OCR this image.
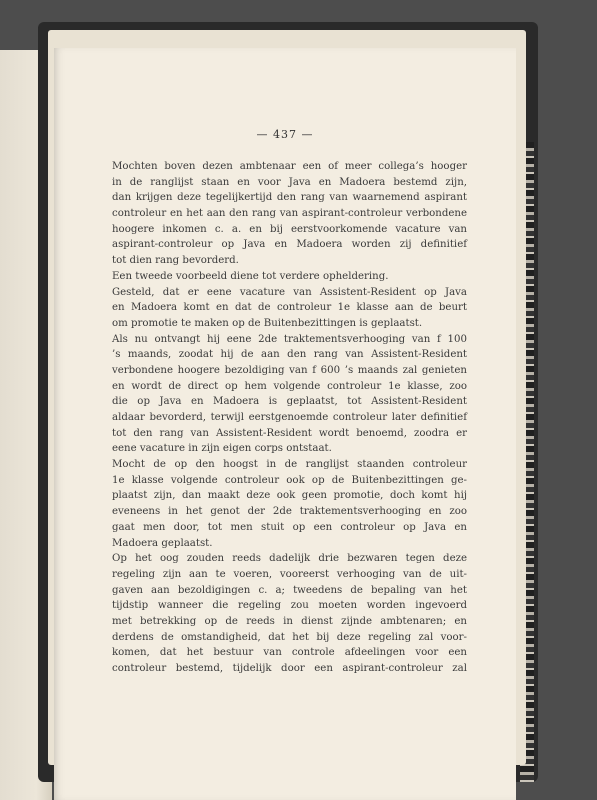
— 437 —
Mochten boven dezen ambtenaar een of meer collega’s hooger
in de ranglijst staan en voor Java en Madoera bestemd zijn,
dan krijgen deze tegelijkertijd den rang van waarnemend aspirant
controleur en het aan den rang van aspirant-controleur verbondene
hoogere inkomen c. a. en bij eerstvoorkomende vacature van
aspirant-controleur op Java en Madoera worden zij definitief
tot dien rang bevorderd.
Een tweede voorbeeld diene tot verdere opheldering.
Gesteld, dat er eene vacature van Assistent-Resident op Java
en Madoera komt en dat de controleur 1e klasse aan de beurt
om promotie te maken op de Buitenbezittingen is geplaatst.
Als nu ontvangt hij eene 2de traktementsverhooging van f 100
’s maands, zoodat hij de aan den rang van Assistent-Resident
verbondene hoogere bezoldiging van f 600 ’s maands zal genieten
en wordt de direct op hem volgende controleur 1e klasse, zoo
die op Java en Madoera is geplaatst, tot Assistent-Resident
aldaar bevorderd, terwijl eerstgenoemde controleur later definitief
tot den rang van Assistent-Resident wordt benoemd, zoodra er
eene vacature in zijn eigen corps ontstaat.
Mocht de op den hoogst in de ranglijst staanden controleur
1e klasse volgende controleur ook op de Buitenbezittingen ge-
plaatst zijn, dan maakt deze ook geen promotie, doch komt hij
eveneens in het genot der 2de traktementsverhooging en zoo
gaat men door, tot men stuit op een controleur op Java en
Madoera geplaatst.
Op het oog zouden reeds dadelijk drie bezwaren tegen deze
regeling zijn aan te voeren, vooreerst verhooging van de uit-
gaven aan bezoldigingen c. a; tweedens de bepaling van het
tijdstip wanneer die regeling zou moeten worden ingevoerd
met betrekking op de reeds in dienst zijnde ambtenaren; en
derdens de omstandigheid, dat het bij deze regeling zal voor-
komen, dat het bestuur van controle afdeelingen voor een
controleur bestemd, tijdelijk door een aspirant-controleur zal
